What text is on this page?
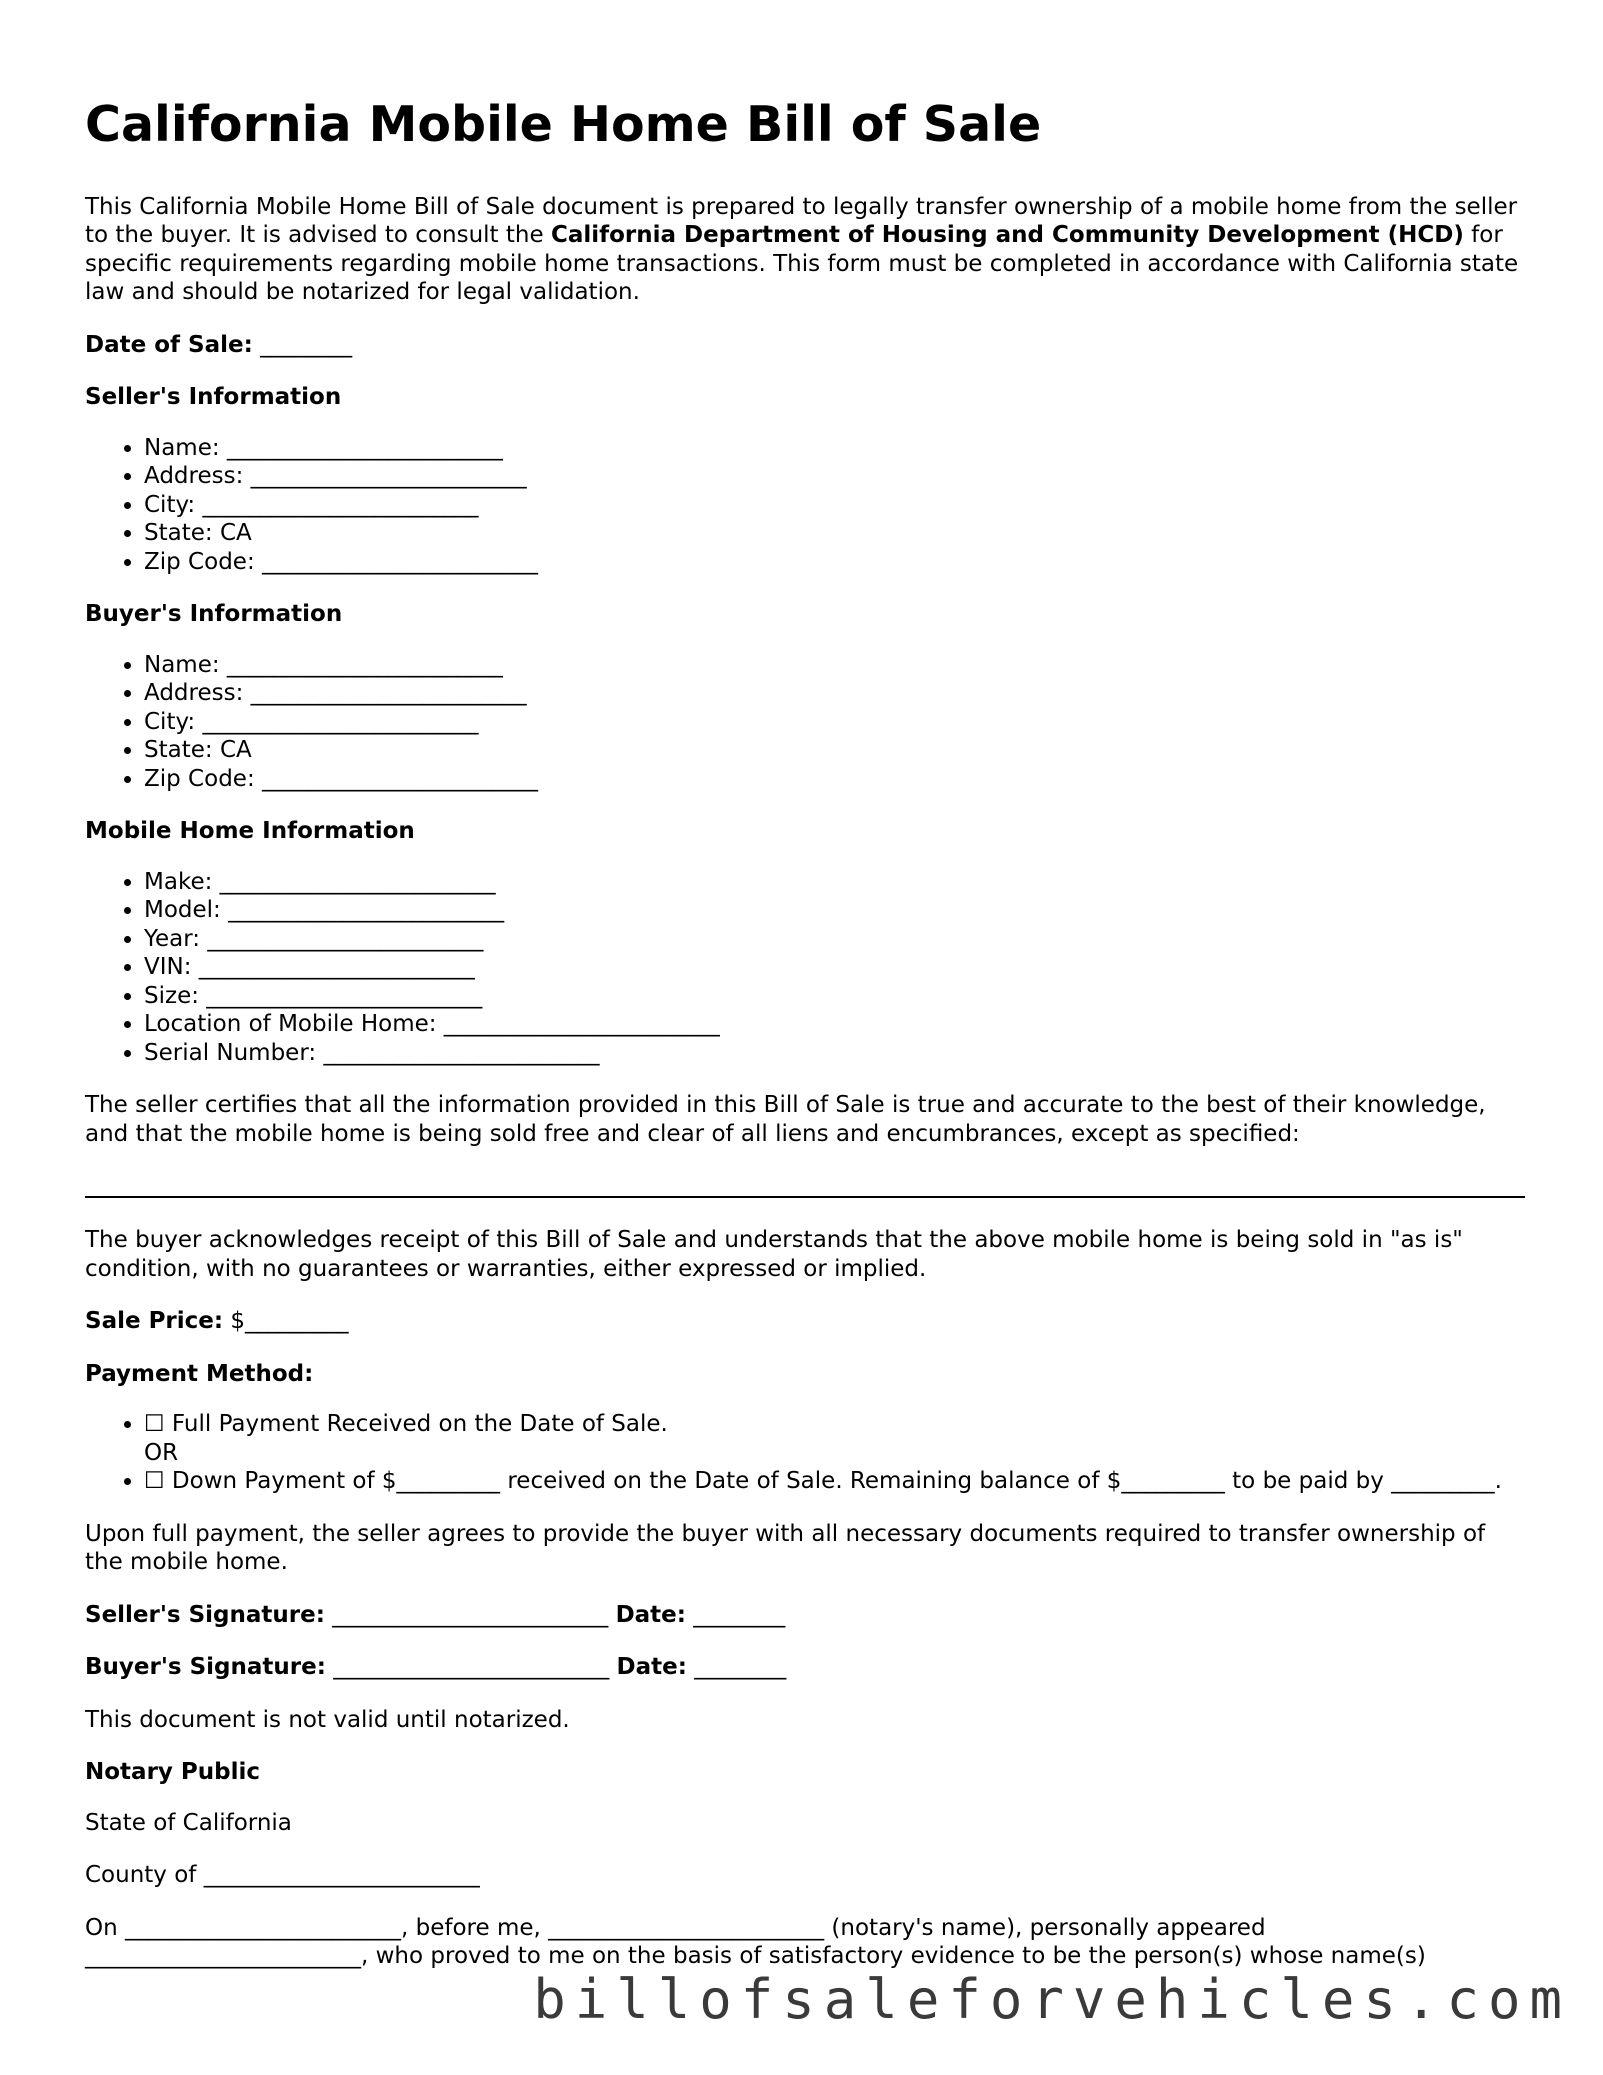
California Mobile Home Bill of Sale

This California Mobile Home Bill of Sale document is prepared to legally transfer ownership of a mobile home from the seller to the buyer. It is advised to consult the California Department of Housing and Community Development (HCD) for specific requirements regarding mobile home transactions. This form must be completed in accordance with California state law and should be notarized for legal validation.

Date of Sale: ________

Seller's Information
• Name: ________________________
• Address: ________________________
• City: ________________________
• State: CA
• Zip Code: ________________________
Buyer's Information
• Name: ________________________
• Address: ________________________
• City: ________________________
• State: CA
• Zip Code: ________________________
Mobile Home Information
• Make: ________________________
• Model: ________________________
• Year: ________________________
• VIN: ________________________
• Size: ________________________
• Location of Mobile Home: ________________________
• Serial Number: ________________________

The seller certifies that all the information provided in this Bill of Sale is true and accurate to the best of their knowledge, and that the mobile home is being sold free and clear of all liens and encumbrances, except as specified:

The buyer acknowledges receipt of this Bill of Sale and understands that the above mobile home is being sold in "as is" condition, with no guarantees or warranties, either expressed or implied.

Sale Price: $_________

Payment Method:
• ☐ Full Payment Received on the Date of Sale.
OR
• ☐ Down Payment of $_________ received on the Date of Sale. Remaining balance of $_________ to be paid by _________.

Upon full payment, the seller agrees to provide the buyer with all necessary documents required to transfer ownership of the mobile home.

Seller's Signature: ________________________ Date: ________

Buyer's Signature: ________________________ Date: ________

This document is not valid until notarized.

Notary Public

State of California

County of ________________________

On ________________________, before me, ________________________ (notary's name), personally appeared ________________________, who proved to me on the basis of satisfactory evidence to be the person(s) whose name(s)

billofsaleforvehicles.com
